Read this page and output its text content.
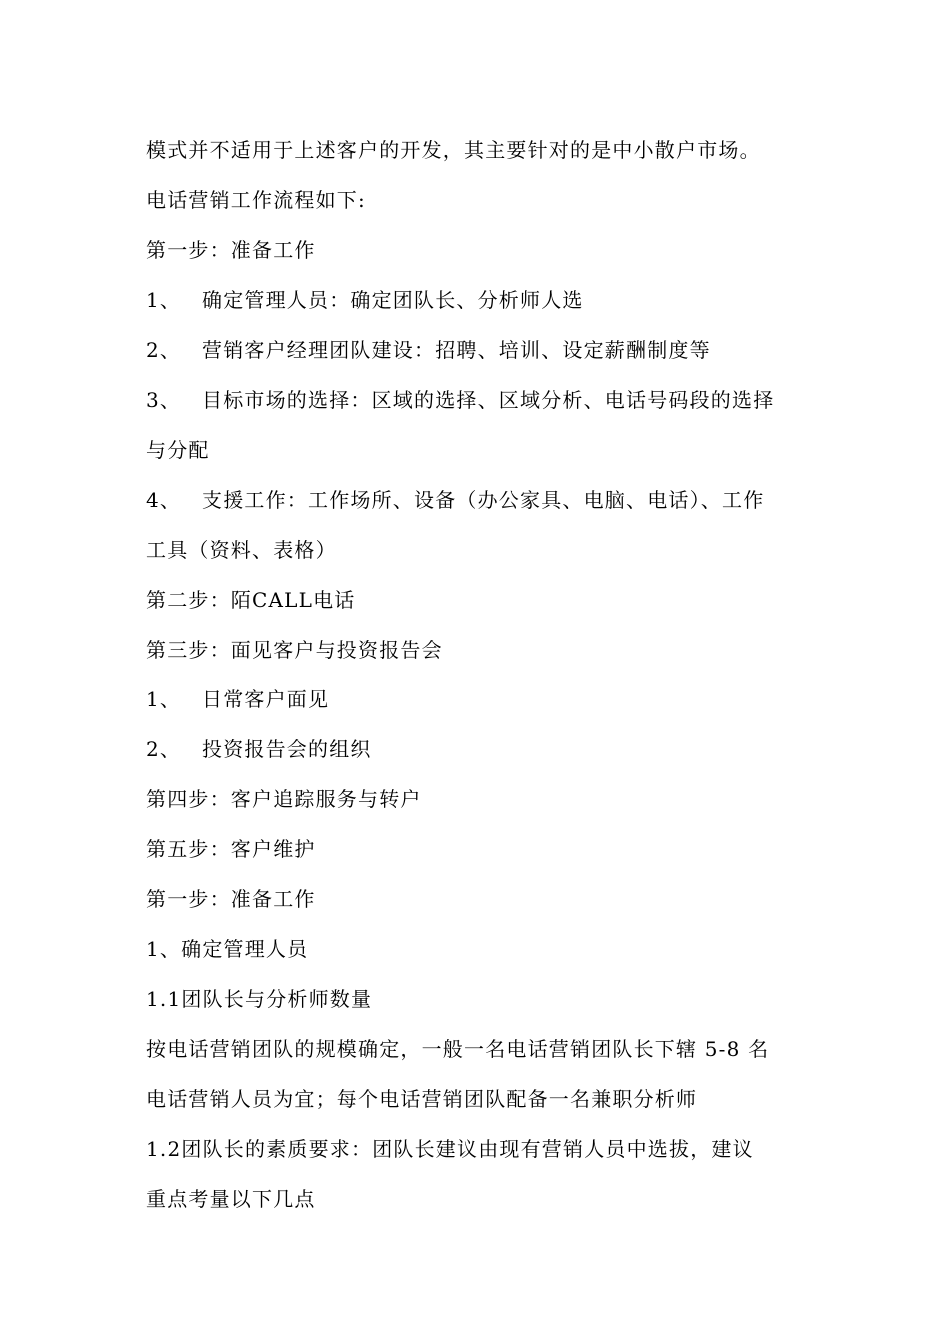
模式并不适用于上述客户的开发，其主要针对的是中小散户市场。
电话营销工作流程如下:
第一步：准备工作
1、 确定管理人员：确定团队长、分析师人选
2、 营销客户经理团队建设：招聘、培训、设定薪酬制度等
3、 目标市场的选择：区域的选择、区域分析、电话号码段的选择
与分配
4、 支援工作：工作场所、设备（办公家具、电脑、电话）、工作
工具（资料、表格）
第二步：陌CALL电话
第三步：面见客户与投资报告会
1、 日常客户面见
2、 投资报告会的组织
第四步：客户追踪服务与转户
第五步：客户维护
第一步：准备工作
1、确定管理人员
1.1团队长与分析师数量
按电话营销团队的规模确定，一般一名电话营销团队长下辖 5-8 名
电话营销人员为宜；每个电话营销团队配备一名兼职分析师
1.2团队长的素质要求：团队长建议由现有营销人员中选拔，建议
重点考量以下几点
